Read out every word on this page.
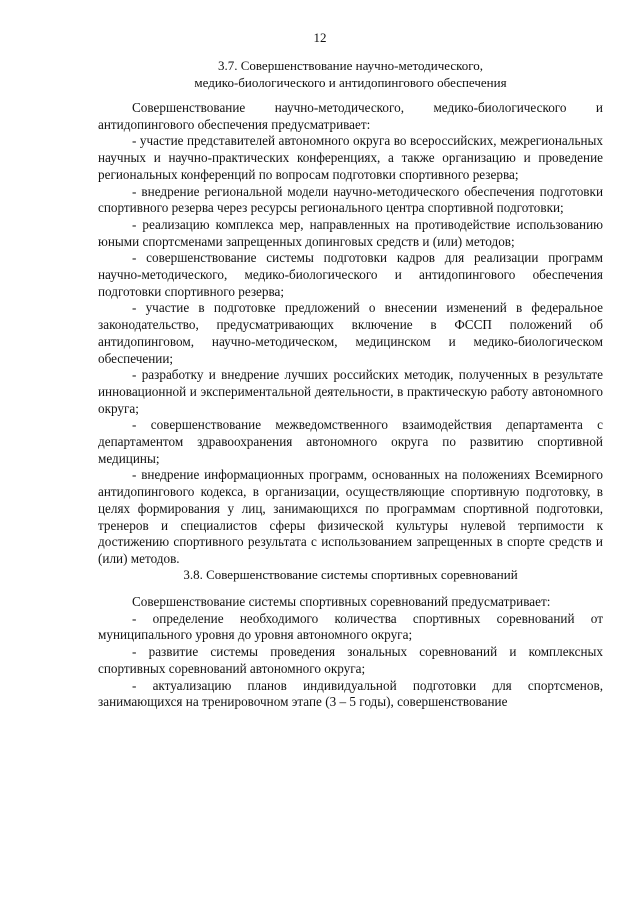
12

3.7. Совершенствование научно-методического,

медико-биологического и антидопингового обеспечения

Совершенствование научно-методического, медико-биологического и антидопингового обеспечения предусматривает:

- участие представителей автономного округа во всероссийских, межрегиональных научных и научно-практических конференциях, а также организацию и проведение региональных конференций по вопросам подготовки спортивного резерва;

- внедрение региональной модели научно-методического обеспечения подготовки спортивного резерва через ресурсы регионального центра спортивной подготовки;

- реализацию комплекса мер, направленных на противодействие использованию юными спортсменами запрещенных допинговых средств и (или) методов;

- совершенствование системы подготовки кадров для реализации программ научно-методического, медико-биологического и антидопингового обеспечения подготовки спортивного резерва;

- участие в подготовке предложений о внесении изменений в федеральное законодательство, предусматривающих включение в ФССП положений об антидопинговом, научно-методическом, медицинском и медико-биологическом обеспечении;

- разработку и внедрение лучших российских методик, полученных в результате инновационной и экспериментальной деятельности, в практическую работу автономного округа;

- совершенствование межведомственного взаимодействия департамента с департаментом здравоохранения автономного округа по развитию спортивной медицины;

- внедрение информационных программ, основанных на положениях Всемирного антидопингового кодекса, в организации, осуществляющие спортивную подготовку, в целях формирования у лиц, занимающихся по программам спортивной подготовки, тренеров и специалистов сферы физической культуры нулевой терпимости к достижению спортивного результата с использованием запрещенных в спорте средств и (или) методов.

3.8. Совершенствование системы спортивных соревнований

Совершенствование системы спортивных соревнований предусматривает:

- определение необходимого количества спортивных соревнований от муниципального уровня до уровня автономного округа;

- развитие системы проведения зональных соревнований и комплексных спортивных соревнований автономного округа;

- актуализацию планов индивидуальной подготовки для спортсменов, занимающихся на тренировочном этапе (3 – 5 годы), совершенствование
